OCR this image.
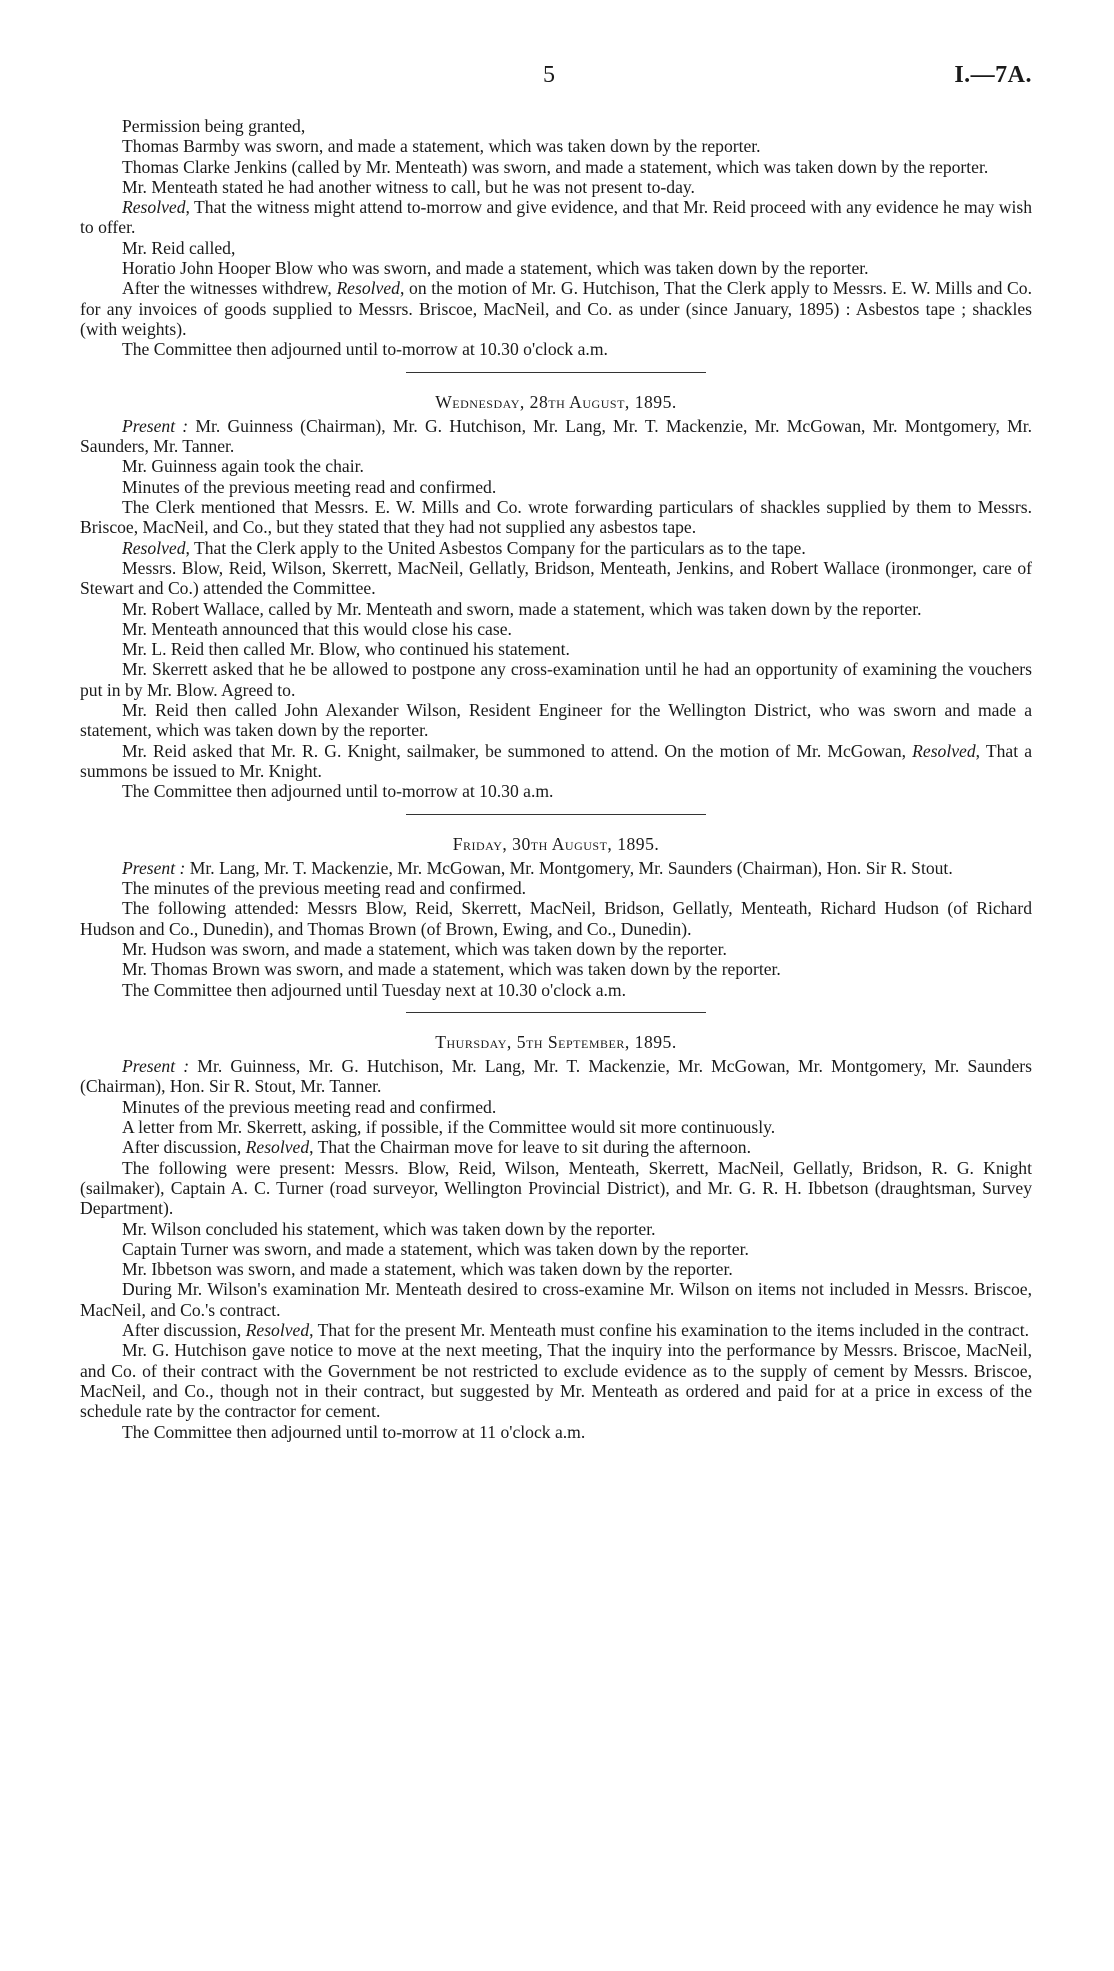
5	I.—7A.

Permission being granted,

Thomas Barmby was sworn, and made a statement, which was taken down by the reporter.

Thomas Clarke Jenkins (called by Mr. Menteath) was sworn, and made a statement, which was taken down by the reporter.

Mr. Menteath stated he had another witness to call, but he was not present to-day.

Resolved, That the witness might attend to-morrow and give evidence, and that Mr. Reid proceed with any evidence he may wish to offer.

Mr. Reid called,

Horatio John Hooper Blow who was sworn, and made a statement, which was taken down by the reporter.

After the witnesses withdrew, Resolved, on the motion of Mr. G. Hutchison, That the Clerk apply to Messrs. E. W. Mills and Co. for any invoices of goods supplied to Messrs. Briscoe, MacNeil, and Co. as under (since January, 1895) : Asbestos tape ; shackles (with weights).

The Committee then adjourned until to-morrow at 10.30 o'clock a.m.

Wednesday, 28th August, 1895.

Present : Mr. Guinness (Chairman), Mr. G. Hutchison, Mr. Lang, Mr. T. Mackenzie, Mr. McGowan, Mr. Montgomery, Mr. Saunders, Mr. Tanner.

Mr. Guinness again took the chair.

Minutes of the previous meeting read and confirmed.

The Clerk mentioned that Messrs. E. W. Mills and Co. wrote forwarding particulars of shackles supplied by them to Messrs. Briscoe, MacNeil, and Co., but they stated that they had not supplied any asbestos tape.

Resolved, That the Clerk apply to the United Asbestos Company for the particulars as to the tape.

Messrs. Blow, Reid, Wilson, Skerrett, MacNeil, Gellatly, Bridson, Menteath, Jenkins, and Robert Wallace (ironmonger, care of Stewart and Co.) attended the Committee.

Mr. Robert Wallace, called by Mr. Menteath and sworn, made a statement, which was taken down by the reporter.

Mr. Menteath announced that this would close his case.

Mr. L. Reid then called Mr. Blow, who continued his statement.

Mr. Skerrett asked that he be allowed to postpone any cross-examination until he had an opportunity of examining the vouchers put in by Mr. Blow. Agreed to.

Mr. Reid then called John Alexander Wilson, Resident Engineer for the Wellington District, who was sworn and made a statement, which was taken down by the reporter.

Mr. Reid asked that Mr. R. G. Knight, sailmaker, be summoned to attend. On the motion of Mr. McGowan, Resolved, That a summons be issued to Mr. Knight.

The Committee then adjourned until to-morrow at 10.30 a.m.

Friday, 30th August, 1895.

Present : Mr. Lang, Mr. T. Mackenzie, Mr. McGowan, Mr. Montgomery, Mr. Saunders (Chairman), Hon. Sir R. Stout.

The minutes of the previous meeting read and confirmed.

The following attended: Messrs Blow, Reid, Skerrett, MacNeil, Bridson, Gellatly, Menteath, Richard Hudson (of Richard Hudson and Co., Dunedin), and Thomas Brown (of Brown, Ewing, and Co., Dunedin).

Mr. Hudson was sworn, and made a statement, which was taken down by the reporter.

Mr. Thomas Brown was sworn, and made a statement, which was taken down by the reporter.

The Committee then adjourned until Tuesday next at 10.30 o'clock a.m.

Thursday, 5th September, 1895.

Present : Mr. Guinness, Mr. G. Hutchison, Mr. Lang, Mr. T. Mackenzie, Mr. McGowan, Mr. Montgomery, Mr. Saunders (Chairman), Hon. Sir R. Stout, Mr. Tanner.

Minutes of the previous meeting read and confirmed.

A letter from Mr. Skerrett, asking, if possible, if the Committee would sit more continuously.

After discussion, Resolved, That the Chairman move for leave to sit during the afternoon.

The following were present: Messrs. Blow, Reid, Wilson, Menteath, Skerrett, MacNeil, Gellatly, Bridson, R. G. Knight (sailmaker), Captain A. C. Turner (road surveyor, Wellington Provincial District), and Mr. G. R. H. Ibbetson (draughtsman, Survey Department).

Mr. Wilson concluded his statement, which was taken down by the reporter.

Captain Turner was sworn, and made a statement, which was taken down by the reporter.

Mr. Ibbetson was sworn, and made a statement, which was taken down by the reporter.

During Mr. Wilson's examination Mr. Menteath desired to cross-examine Mr. Wilson on items not included in Messrs. Briscoe, MacNeil, and Co.'s contract.

After discussion, Resolved, That for the present Mr. Menteath must confine his examination to the items included in the contract.

Mr. G. Hutchison gave notice to move at the next meeting, That the inquiry into the performance by Messrs. Briscoe, MacNeil, and Co. of their contract with the Government be not restricted to exclude evidence as to the supply of cement by Messrs. Briscoe, MacNeil, and Co., though not in their contract, but suggested by Mr. Menteath as ordered and paid for at a price in excess of the schedule rate by the contractor for cement.

The Committee then adjourned until to-morrow at 11 o'clock a.m.
